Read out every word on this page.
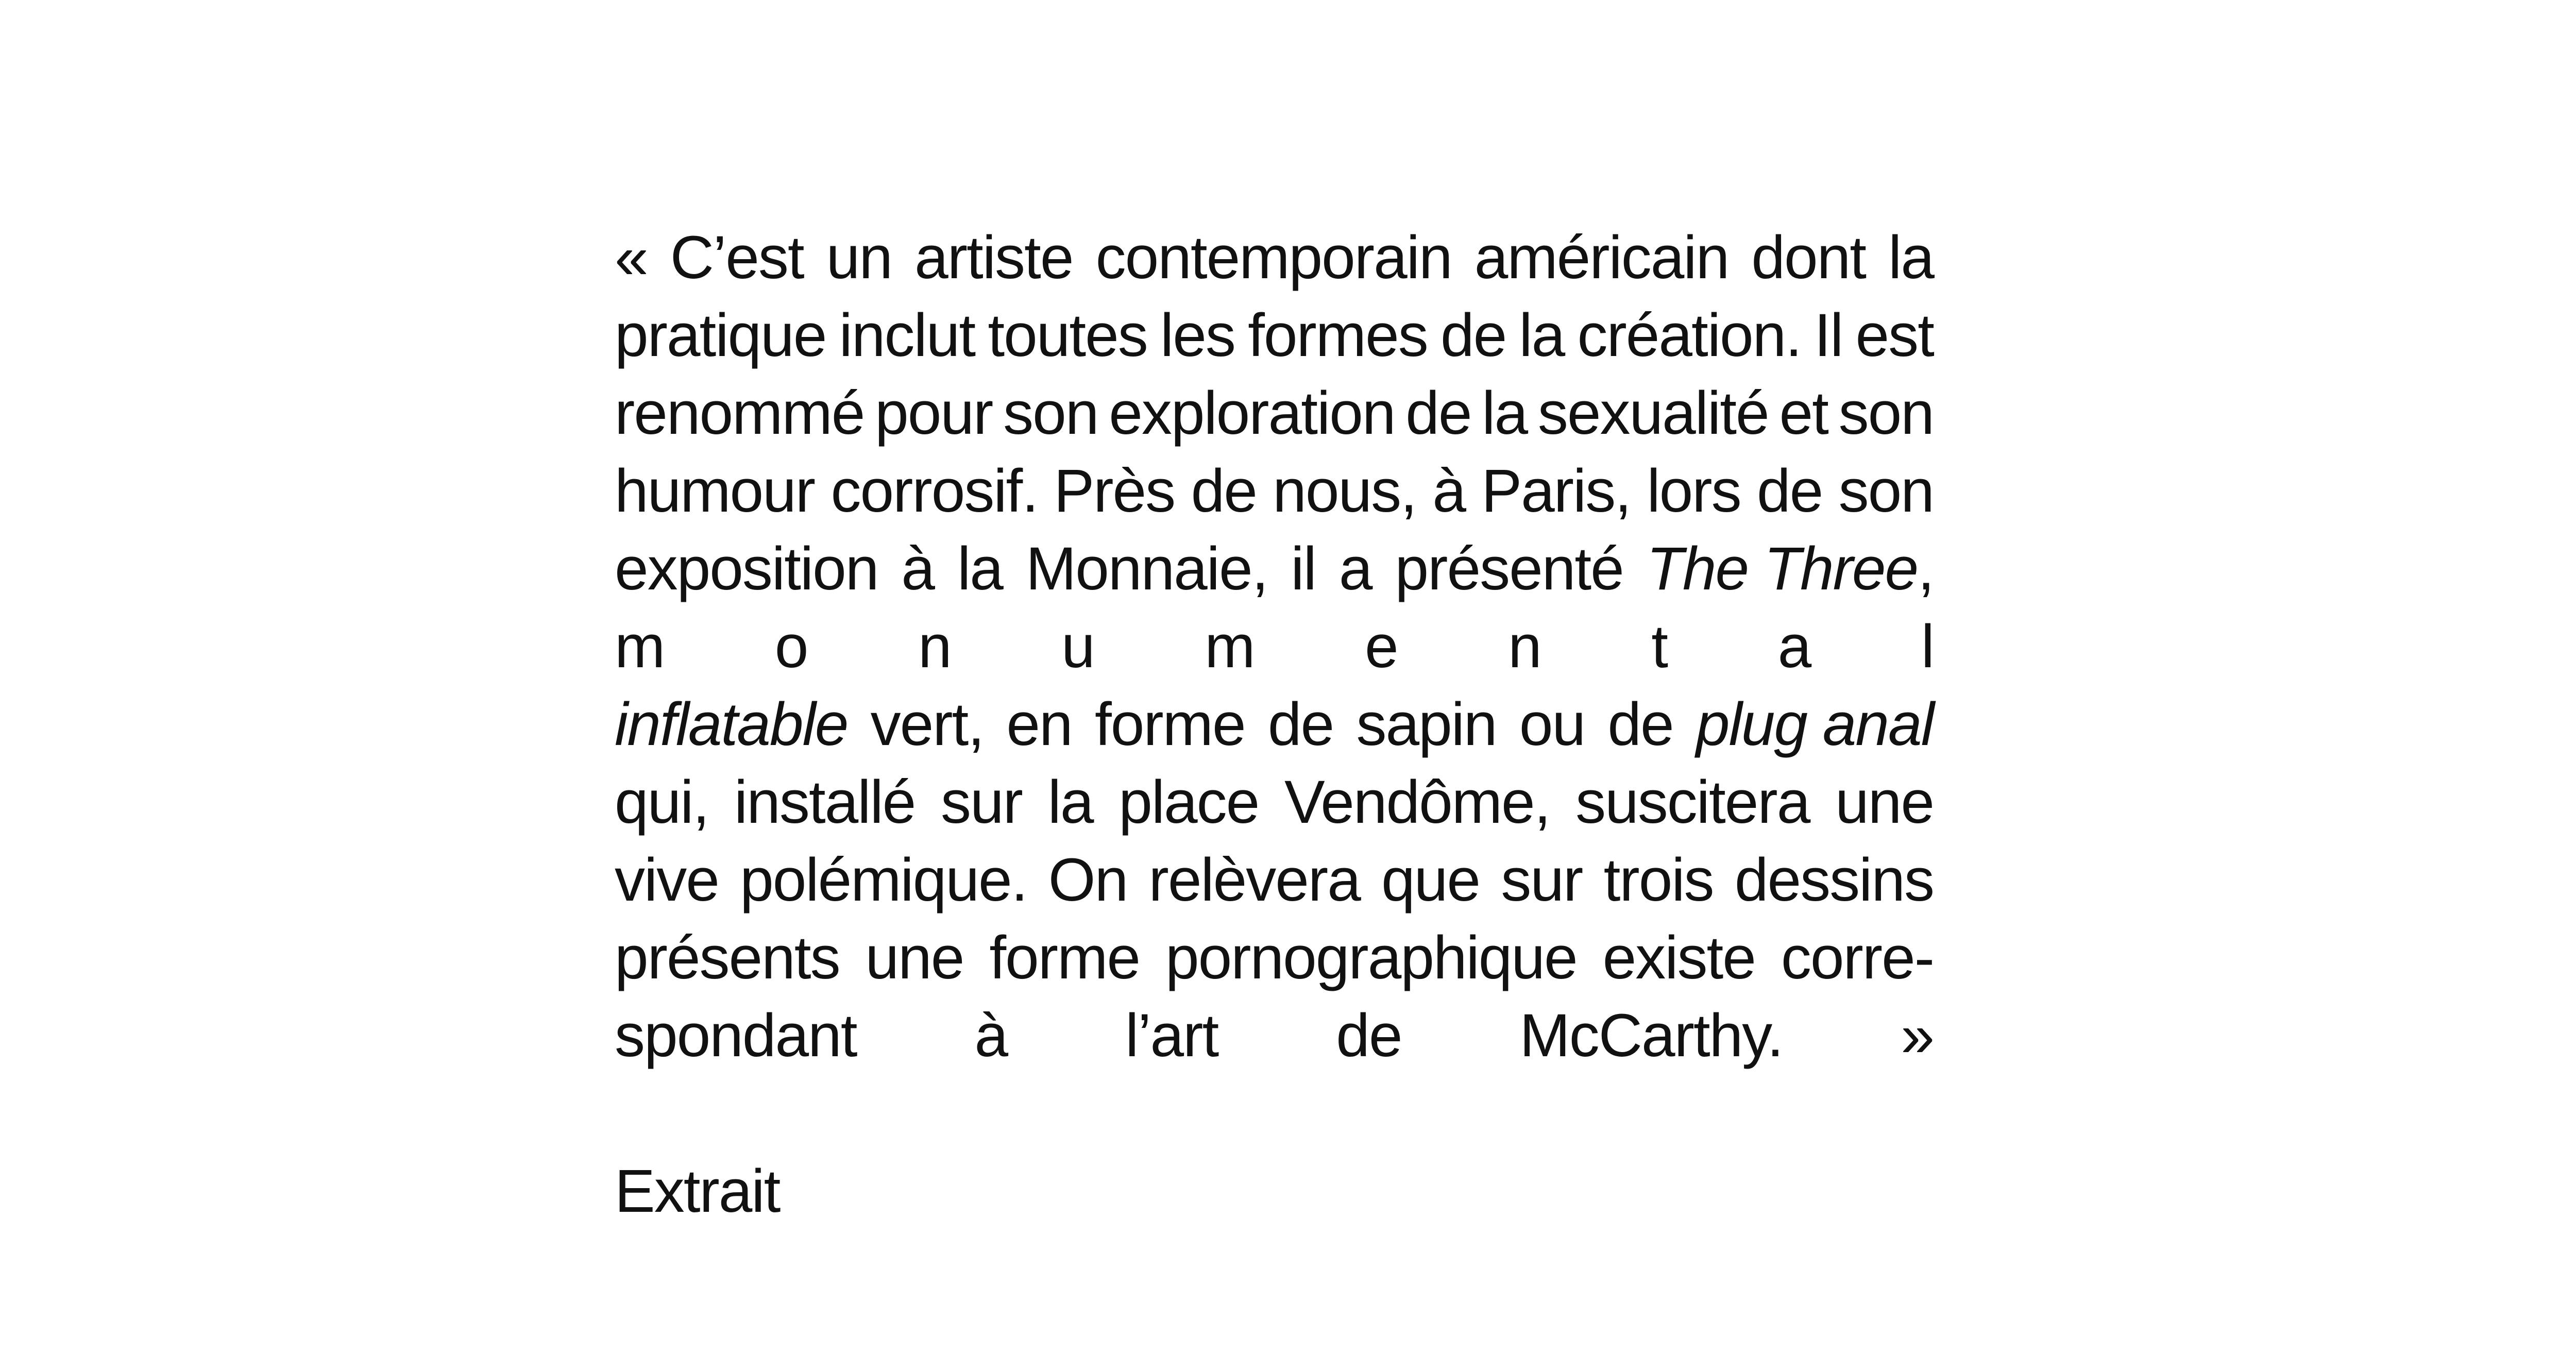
« C’est un artiste contemporain américain dont la
pratique inclut toutes les formes de la création. Il est
renommé pour son exploration de la sexualité et son
humour corrosif. Près de nous, à Paris, lors de son
exposition à la Monnaie, il a présenté The Three,
m o n u m e n t a l
inflatable vert, en forme de sapin ou de plug anal
qui, installé sur la place Vendôme, suscitera une
vive polémique. On relèvera que sur trois dessins
présents une forme pornographique existe corre-
spondant à l’art de McCarthy. »
Extrait
